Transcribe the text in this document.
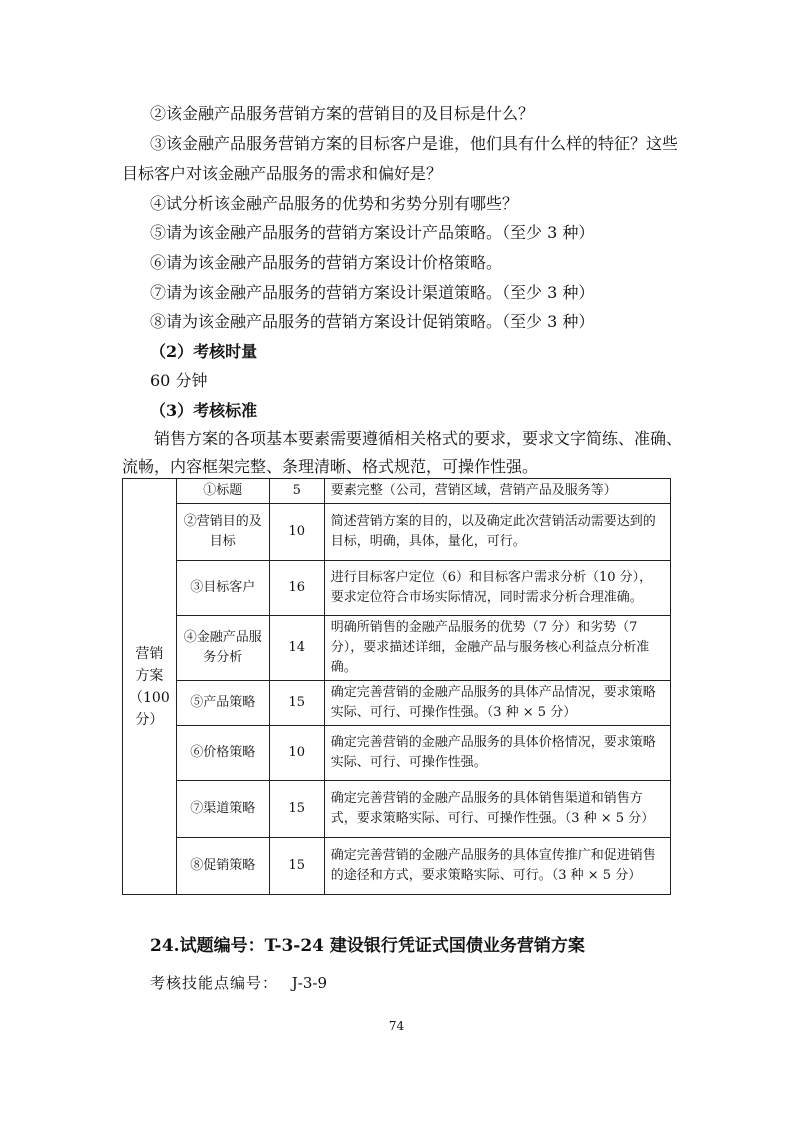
②该金融产品服务营销方案的营销目的及目标是什么？
③该金融产品服务营销方案的目标客户是谁，他们具有什么样的特征？这些
目标客户对该金融产品服务的需求和偏好是？
④试分析该金融产品服务的优势和劣势分别有哪些？
⑤请为该金融产品服务的营销方案设计产品策略。（至少 3 种）
⑥请为该金融产品服务的营销方案设计价格策略。
⑦请为该金融产品服务的营销方案设计渠道策略。（至少 3 种）
⑧请为该金融产品服务的营销方案设计促销策略。（至少 3 种）
（2）考核时量
60 分钟
（3）考核标准
销售方案的各项基本要素需要遵循相关格式的要求，要求文字简练、准确、流畅，内容框架完整、条理清晰、格式规范，可操作性强。
营销
方案
（100
分）	①标题	5	要素完整（公司，营销区域，营销产品及服务等）
	②营销目的及目标	10	简述营销方案的目的，以及确定此次营销活动需要达到的目标，明确，具体，量化，可行。
	③目标客户	16	进行目标客户定位（6）和目标客户需求分析（10 分），要求定位符合市场实际情况，同时需求分析合理准确。
	④金融产品服务分析	14	明确所销售的金融产品服务的优势（7 分）和劣势（7 分），要求描述详细，金融产品与服务核心利益点分析准确。
	⑤产品策略	15	确定完善营销的金融产品服务的具体产品情况，要求策略实际、可行、可操作性强。（3 种 × 5 分）
	⑥价格策略	10	确定完善营销的金融产品服务的具体价格情况，要求策略实际、可行、可操作性强。
	⑦渠道策略	15	确定完善营销的金融产品服务的具体销售渠道和销售方式，要求策略实际、可行、可操作性强。（3 种 × 5 分）
	⑧促销策略	15	确定完善营销的金融产品服务的具体宣传推广和促进销售的途径和方式，要求策略实际、可行。（3 种 × 5 分）
24.试题编号：T-3-24 建设银行凭证式国债业务营销方案
考核技能点编号： J-3-9
74
